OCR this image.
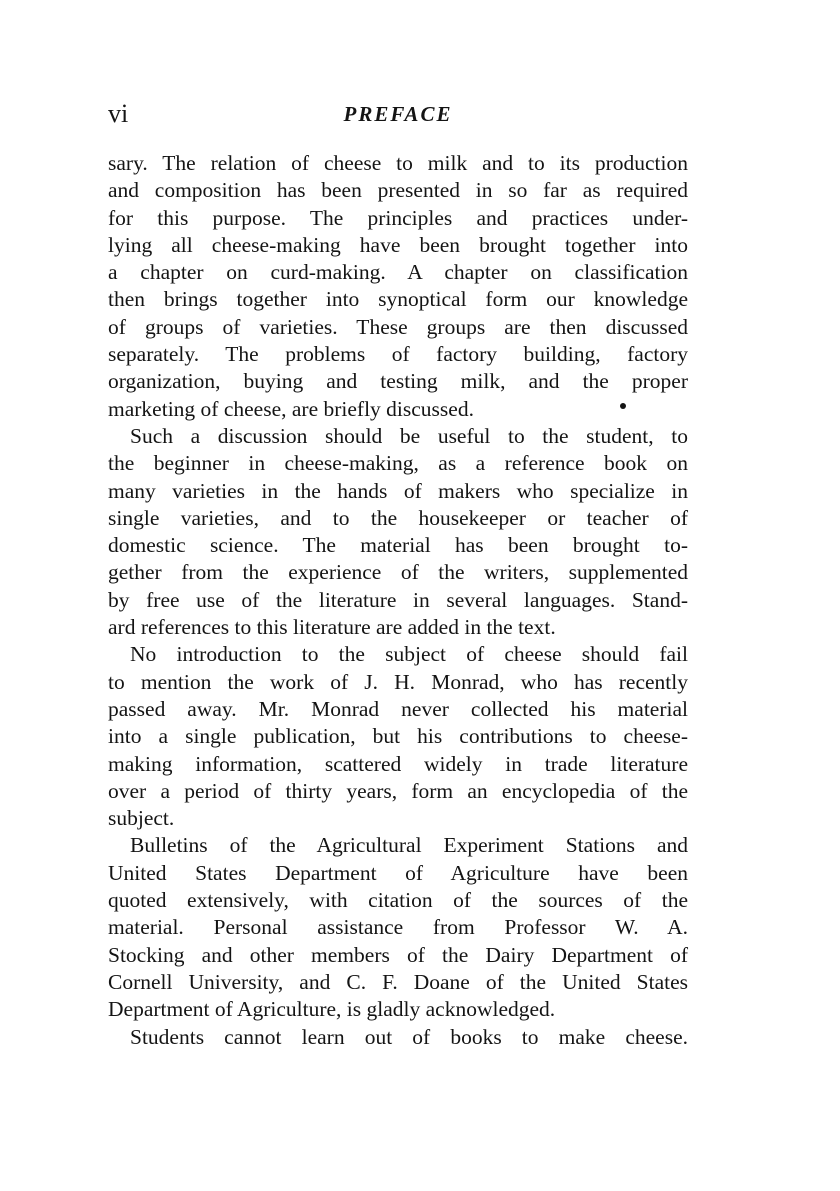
vi	PREFACE
sary. The relation of cheese to milk and to its production
and composition has been presented in so far as required
for this purpose. The principles and practices under-
lying all cheese-making have been brought together into
a chapter on curd-making. A chapter on classification
then brings together into synoptical form our knowledge
of groups of varieties. These groups are then discussed
separately. The problems of factory building, factory
organization, buying and testing milk, and the proper
marketing of cheese, are briefly discussed.
Such a discussion should be useful to the student, to
the beginner in cheese-making, as a reference book on
many varieties in the hands of makers who specialize in
single varieties, and to the housekeeper or teacher of
domestic science. The material has been brought to-
gether from the experience of the writers, supplemented
by free use of the literature in several languages. Stand-
ard references to this literature are added in the text.
No introduction to the subject of cheese should fail
to mention the work of J. H. Monrad, who has recently
passed away. Mr. Monrad never collected his material
into a single publication, but his contributions to cheese-
making information, scattered widely in trade literature
over a period of thirty years, form an encyclopedia of the
subject.
Bulletins of the Agricultural Experiment Stations and
United States Department of Agriculture have been
quoted extensively, with citation of the sources of the
material. Personal assistance from Professor W. A.
Stocking and other members of the Dairy Department of
Cornell University, and C. F. Doane of the United States
Department of Agriculture, is gladly acknowledged.
Students cannot learn out of books to make cheese.
